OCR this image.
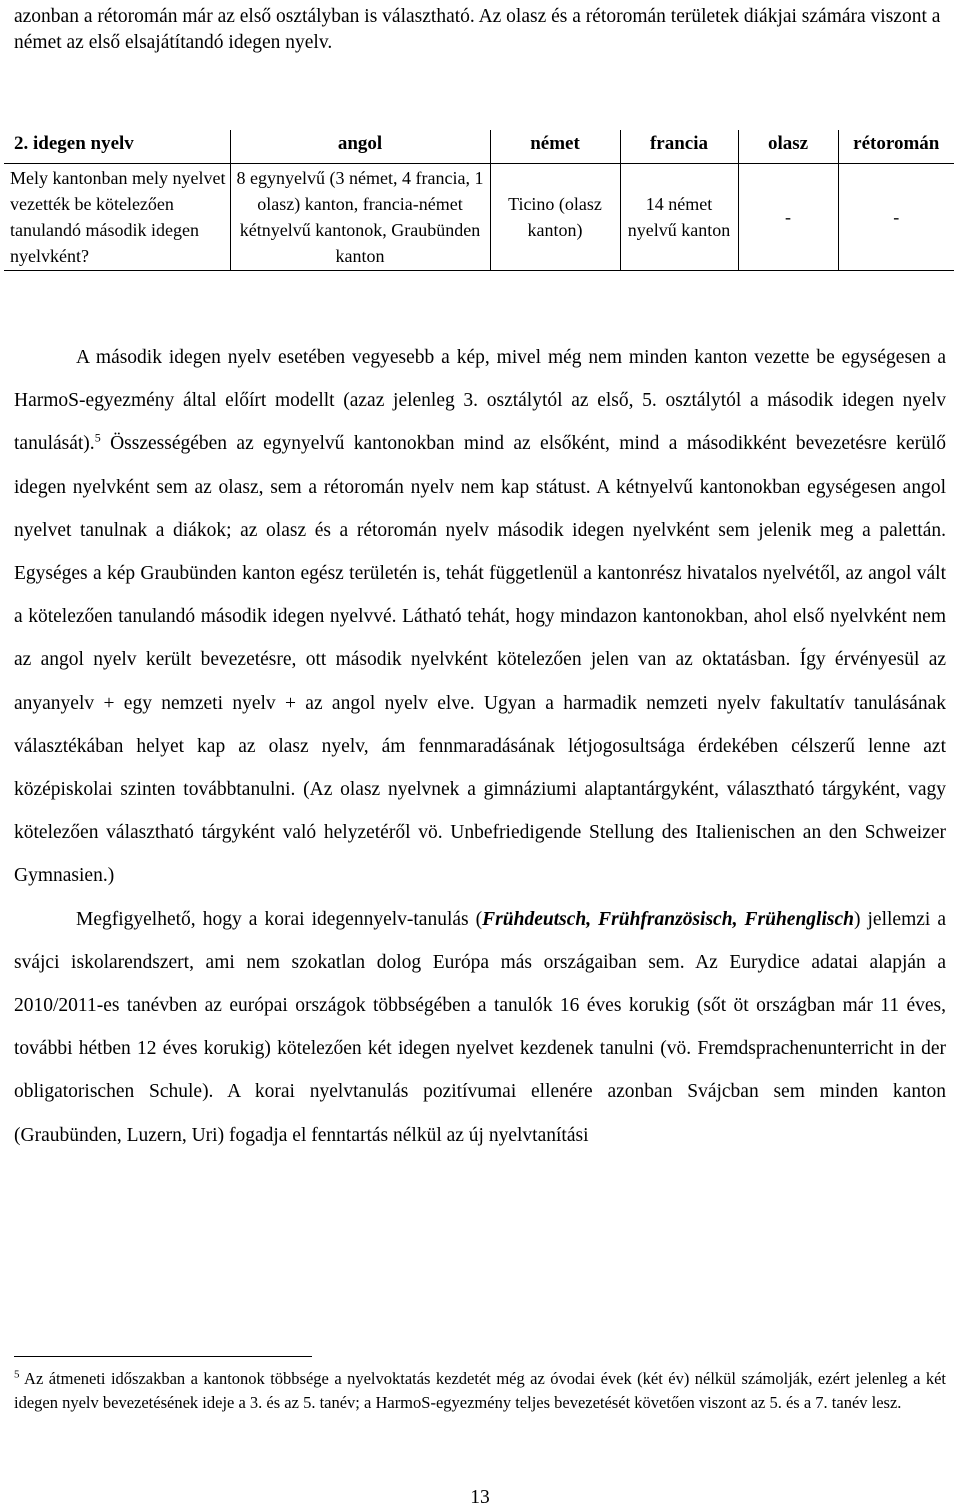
azonban a rétoromán már az első osztályban is választható. Az olasz és a rétoromán területek diákjai számára viszont a német az első elsajátítandó idegen nyelv.

2. idegen nyelv	angol	német	francia	olasz	rétoromán
Mely kantonban mely nyelvet vezették be kötelezően tanulandó második idegen nyelvként?	8 egynyelvű (3 német, 4 francia, 1 olasz) kanton, francia-német kétnyelvű kantonok, Graubünden kanton	Ticino (olasz kanton)	14 német nyelvű kanton	-	-

A második idegen nyelv esetében vegyesebb a kép, mivel még nem minden kanton vezette be egységesen a HarmoS-egyezmény által előírt modellt (azaz jelenleg 3. osztálytól az első, 5. osztálytól a második idegen nyelv tanulását).$^5$ Összességében az egynyelvű kantonokban mind az elsőként, mind a másodikként bevezetésre kerülő idegen nyelvként sem az olasz, sem a rétoromán nyelv nem kap státust. A kétnyelvű kantonokban egységesen angol nyelvet tanulnak a diákok; az olasz és a rétoromán nyelv második idegen nyelvként sem jelenik meg a palettán. Egységes a kép Graubünden kanton egész területén is, tehát függetlenül a kantonrész hivatalos nyelvétől, az angol vált a kötelezően tanulandó második idegen nyelvvé. Látható tehát, hogy mindazon kantonokban, ahol első nyelvként nem az angol nyelv került bevezetésre, ott második nyelvként kötelezően jelen van az oktatásban. Így érvényesül az anyanyelv + egy nemzeti nyelv + az angol nyelv elve. Ugyan a harmadik nemzeti nyelv fakultatív tanulásának választékában helyet kap az olasz nyelv, ám fennmaradásának létjogosultsága érdekében célszerű lenne azt középiskolai szinten továbbtanulni. (Az olasz nyelvnek a gimnáziumi alaptantárgyként, választható tárgyként, vagy kötelezően választható tárgyként való helyzetéről vö. Unbefriedigende Stellung des Italienischen an den Schweizer Gymnasien.)

Megfigyelhető, hogy a korai idegennyelv-tanulás (Frühdeutsch, Frühfranzösisch, Frühenglisch) jellemzi a svájci iskolarendszert, ami nem szokatlan dolog Európa más országaiban sem. Az Eurydice adatai alapján a 2010/2011-es tanévben az európai országok többségében a tanulók 16 éves korukig (sőt öt országban már 11 éves, további hétben 12 éves korukig) kötelezően két idegen nyelvet kezdenek tanulni (vö. Fremdsprachenunterricht in der obligatorischen Schule). A korai nyelvtanulás pozitívumai ellenére azonban Svájcban sem minden kanton (Graubünden, Luzern, Uri) fogadja el fenntartás nélkül az új nyelvtanítási

$^5$ Az átmeneti időszakban a kantonok többsége a nyelvoktatás kezdetét még az óvodai évek (két év) nélkül számolják, ezért jelenleg a két idegen nyelv bevezetésének ideje a 3. és az 5. tanév; a HarmoS-egyezmény teljes bevezetését követően viszont az 5. és a 7. tanév lesz.

13
